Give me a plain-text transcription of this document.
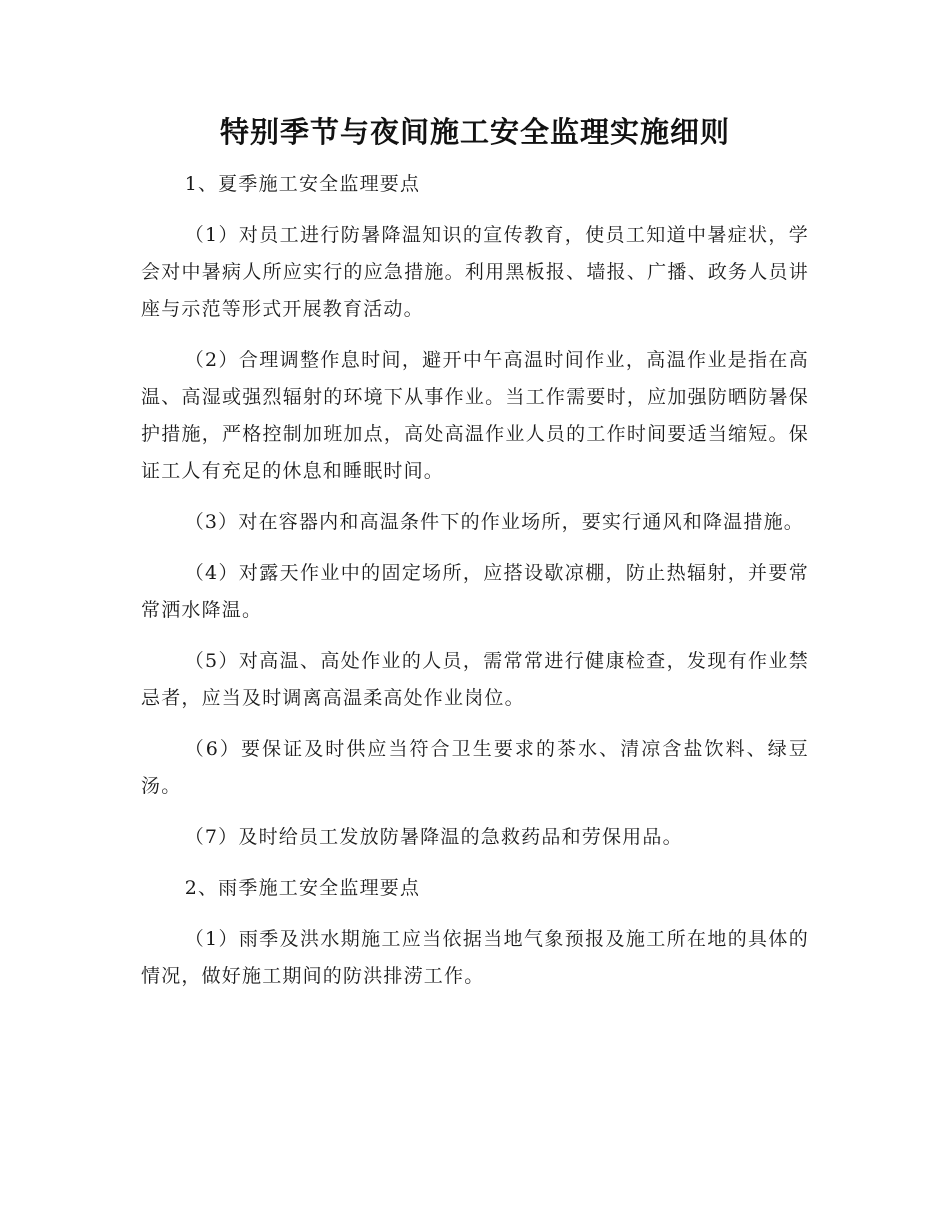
特别季节与夜间施工安全监理实施细则

1、夏季施工安全监理要点

（1）对员工进行防暑降温知识的宣传教育，使员工知道中暑症状，学会对中暑病人所应实行的应急措施。利用黑板报、墙报、广播、政务人员讲座与示范等形式开展教育活动。

（2）合理调整作息时间，避开中午高温时间作业，高温作业是指在高温、高湿或强烈辐射的环境下从事作业。当工作需要时，应加强防晒防暑保护措施，严格控制加班加点，高处高温作业人员的工作时间要适当缩短。保证工人有充足的休息和睡眠时间。

（3）对在容器内和高温条件下的作业场所，要实行通风和降温措施。

（4）对露天作业中的固定场所，应搭设歇凉棚，防止热辐射，并要常常洒水降温。

（5）对高温、高处作业的人员，需常常进行健康检查，发现有作业禁忌者，应当及时调离高温柔高处作业岗位。

（6）要保证及时供应当符合卫生要求的茶水、清凉含盐饮料、绿豆汤。

（7）及时给员工发放防暑降温的急救药品和劳保用品。

2、雨季施工安全监理要点

（1）雨季及洪水期施工应当依据当地气象预报及施工所在地的具体的情况，做好施工期间的防洪排涝工作。
